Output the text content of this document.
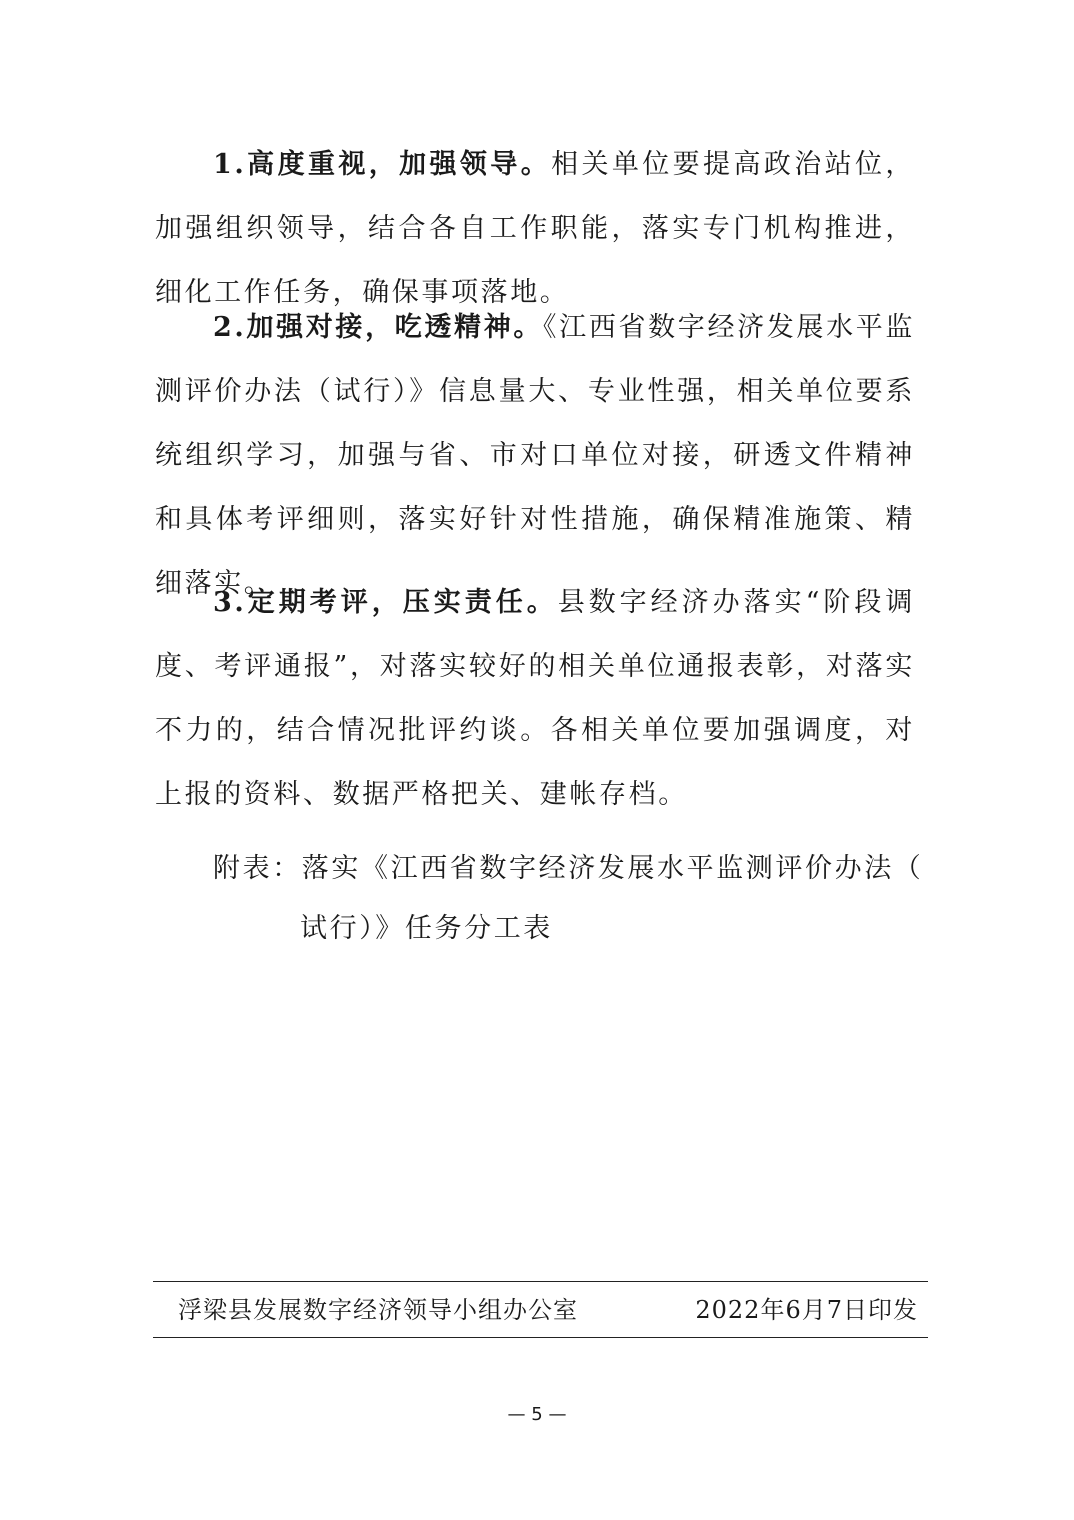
1.高度重视，加强领导。相关单位要提高政治站位，加强组织领导，结合各自工作职能，落实专门机构推进，细化工作任务，确保事项落地。

2.加强对接，吃透精神。《江西省数字经济发展水平监测评价办法（试行）》信息量大、专业性强，相关单位要系统组织学习，加强与省、市对口单位对接，研透文件精神和具体考评细则，落实好针对性措施，确保精准施策、精细落实。

3.定期考评，压实责任。县数字经济办落实“阶段调度、考评通报”，对落实较好的相关单位通报表彰，对落实不力的，结合情况批评约谈。各相关单位要加强调度，对上报的资料、数据严格把关、建帐存档。

附表：落实《江西省数字经济发展水平监测评价办法（
试行）》任务分工表
浮梁县发展数字经济领导小组办公室	2022年6月7日印发
— 5 —
